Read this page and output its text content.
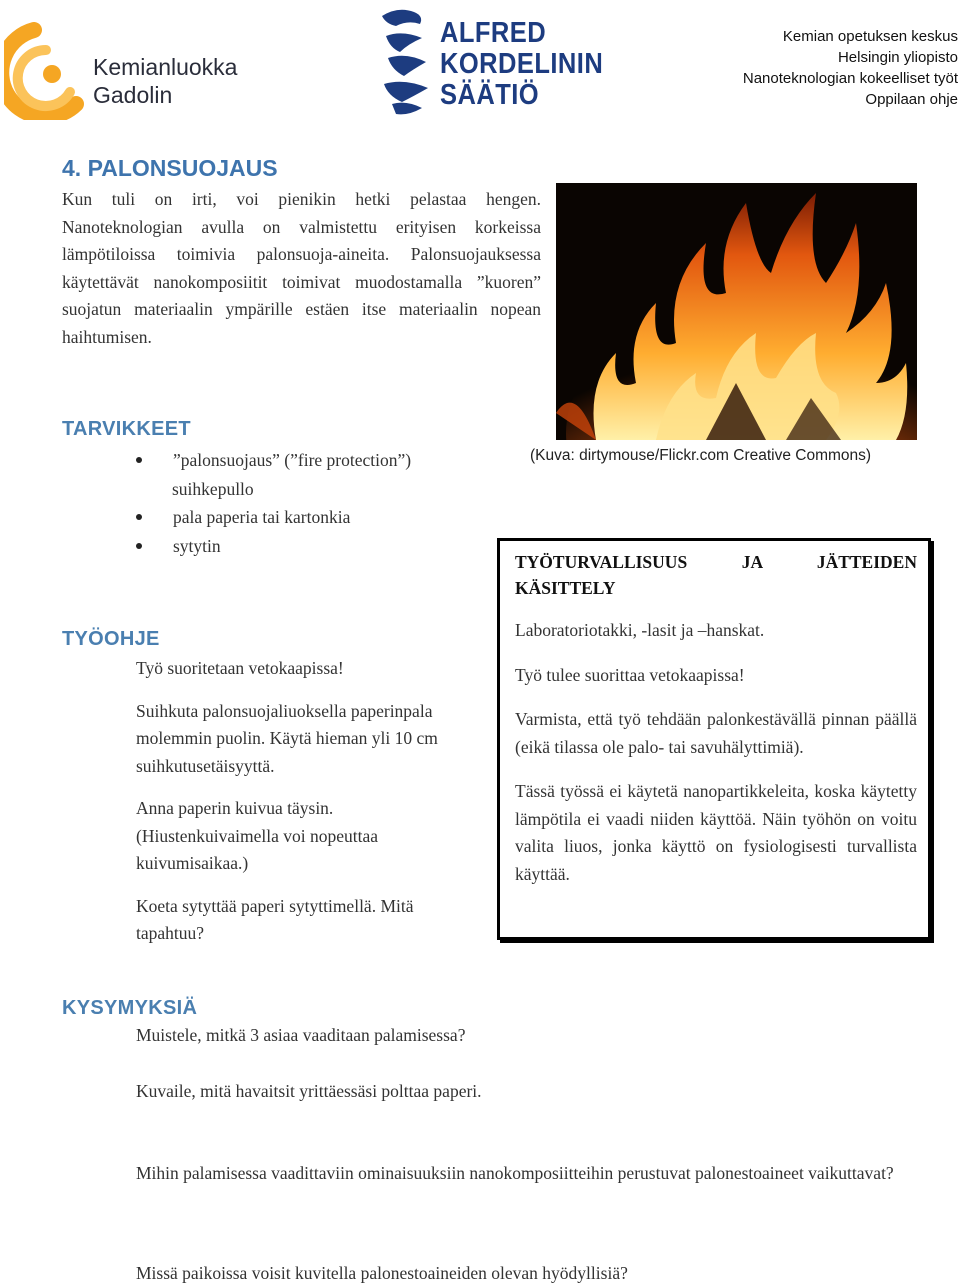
Kemianluokka
Gadolin
ALFRED
KORDELININ
SÄÄTIÖ
Kemian opetuksen keskus
Helsingin yliopisto
Nanoteknologian kokeelliset työt
Oppilaan ohje
4. PALONSUOJAUS

Kun tuli on irti, voi pienikin hetki pelastaa hengen. Nanoteknologian avulla on valmistettu erityisen korkeissa lämpötiloissa toimivia palonsuoja-aineita. Palonsuojauksessa käytettävät nanokomposiitit toimivat muodostamalla ”kuoren” suojatun materiaalin ympärille estäen itse materiaalin nopean haihtumisen.

(Kuva: dirtymouse/Flickr.com Creative Commons)
TARVIKKEET
”palonsuojaus” (”fire protection”)
suihkepullo
pala paperia tai kartonkia
sytytin
TYÖOHJE

Työ suoritetaan vetokaapissa!

Suihkuta palonsuojaliuoksella paperinpala molemmin puolin. Käytä hieman yli 10 cm suihkutusetäisyyttä.

Anna paperin kuivua täysin. (Hiustenkuivaimella voi nopeuttaa kuivumisaikaa.)

Koeta sytyttää paperi sytyttimellä. Mitä tapahtuu?

TYÖTURVALLISUUS JA JÄTTEIDEN KÄSITTELY

Laboratoriotakki, -lasit ja –hanskat.

Työ tulee suorittaa vetokaapissa!

Varmista, että työ tehdään palonkestävällä pinnan päällä (eikä tilassa ole palo- tai savuhälyttimiä).

Tässä työssä ei käytetä nanopartikkeleita, koska käytetty lämpötila ei vaadi niiden käyttöä. Näin työhön on voitu valita liuos, jonka käyttö on fysiologisesti turvallista käyttää.

KYSYMYKSIÄ
Muistele, mitkä 3 asiaa vaaditaan palamisessa?
Kuvaile, mitä havaitsit yrittäessäsi polttaa paperi.
Mihin palamisessa vaadittaviin ominaisuuksiin nanokomposiitteihin perustuvat palonestoaineet vaikuttavat?
Missä paikoissa voisit kuvitella palonestoaineiden olevan hyödyllisiä?
